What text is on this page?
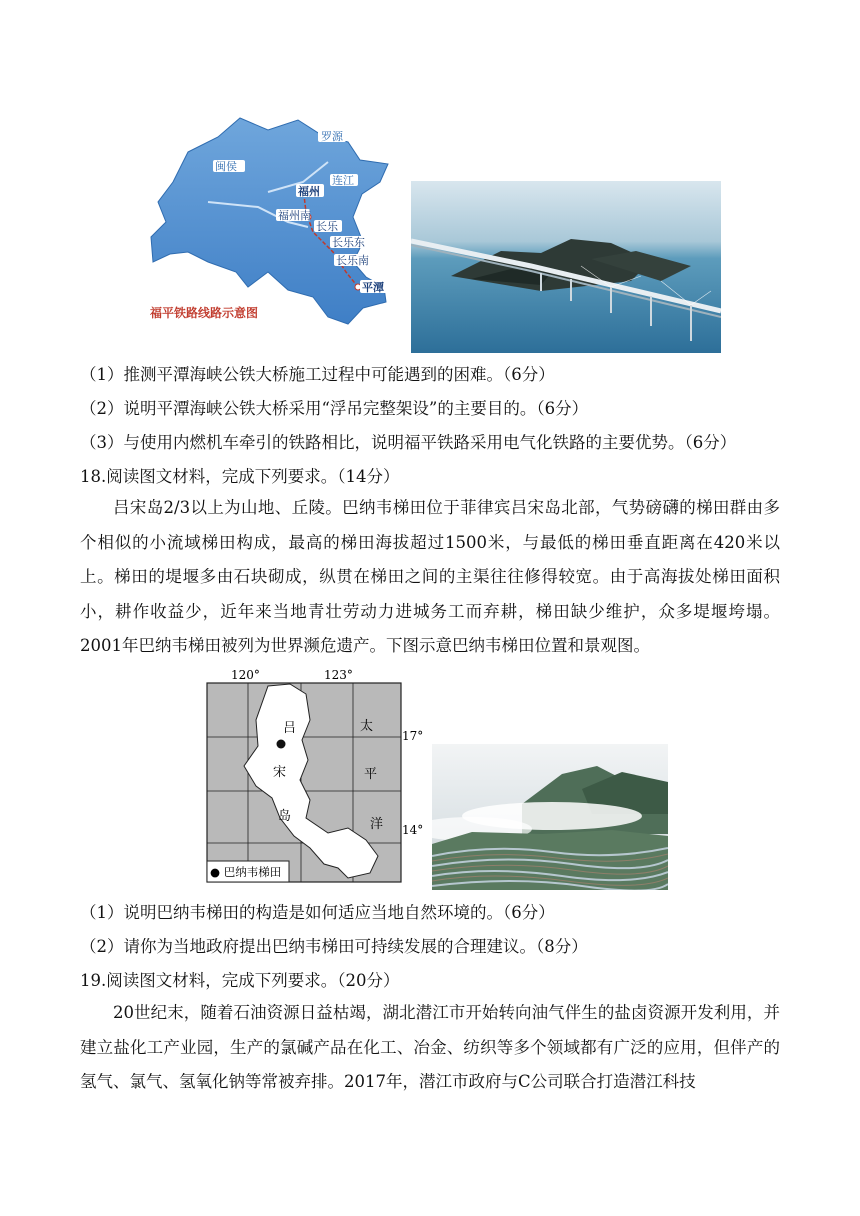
罗源
闽侯
连江
福州
福州南
长乐
长乐东
长乐南
平潭
福平铁路线路示意图
（1）推测平潭海峡公铁大桥施工过程中可能遇到的困难。（6分）
（2）说明平潭海峡公铁大桥采用“浮吊完整架设”的主要目的。（6分）
（3）与使用内燃机车牵引的铁路相比，说明福平铁路采用电气化铁路的主要优势。（6分）
18.阅读图文材料，完成下列要求。（14分）
吕宋岛2/3以上为山地、丘陵。巴纳韦梯田位于菲律宾吕宋岛北部，气势磅礴的梯田群由多个相似的小流域梯田构成，最高的梯田海拔超过1500米，与最低的梯田垂直距离在420米以上。梯田的堤堰多由石块砌成，纵贯在梯田之间的主渠往往修得较宽。由于高海拔处梯田面积小，耕作收益少，近年来当地青壮劳动力进城务工而弃耕，梯田缺少维护，众多堤堰垮塌。2001年巴纳韦梯田被列为世界濒危遗产。下图示意巴纳韦梯田位置和景观图。
120°	123°
17°
14°
吕
宋
岛
太
平
洋
● 巴纳韦梯田
（1）说明巴纳韦梯田的构造是如何适应当地自然环境的。（6分）
（2）请你为当地政府提出巴纳韦梯田可持续发展的合理建议。（8分）
19.阅读图文材料，完成下列要求。（20分）
20世纪末，随着石油资源日益枯竭，湖北潜江市开始转向油气伴生的盐卤资源开发利用，并建立盐化工产业园，生产的氯碱产品在化工、冶金、纺织等多个领域都有广泛的应用，但伴产的氢气、氯气、氢氧化钠等常被弃排。2017年，潜江市政府与C公司联合打造潜江科技
